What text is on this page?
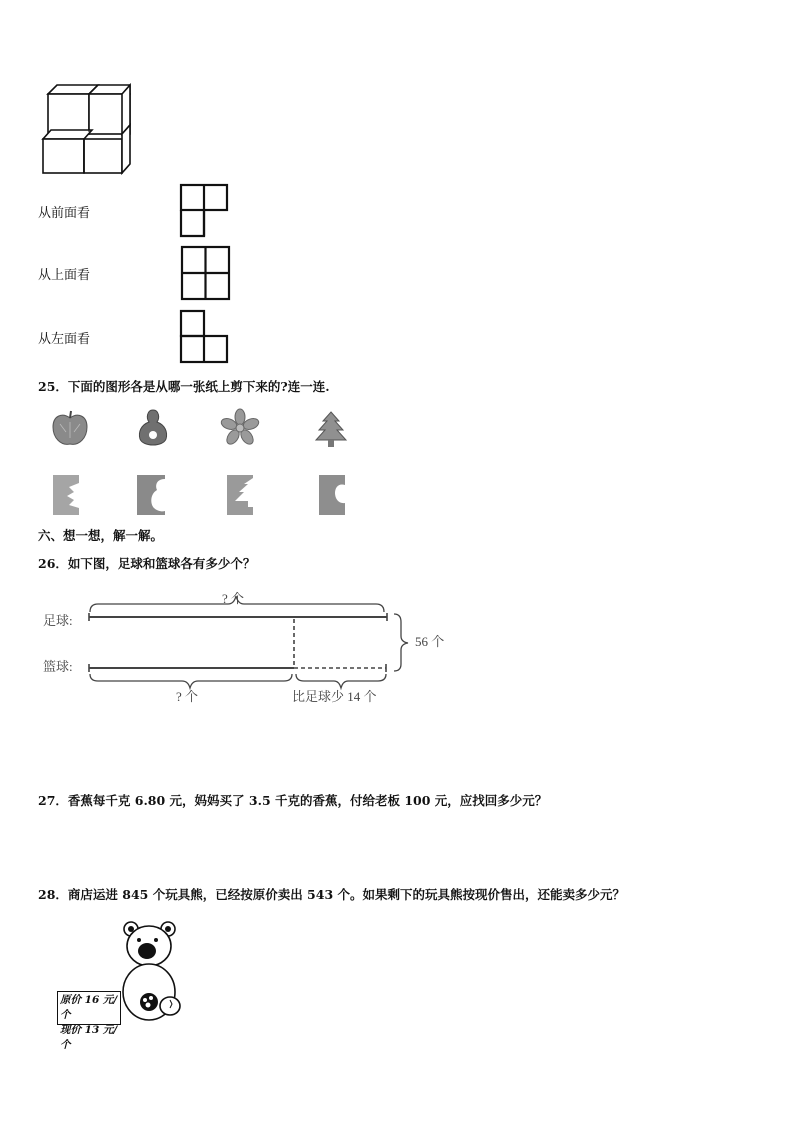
从前面看
从上面看
从左面看
25．下面的图形各是从哪一张纸上剪下来的?连一连.
六、想一想，解一解。
26．如下图，足球和篮球各有多少个？
足球:
篮球:
? 个
56 个
? 个	比足球少 14 个
27．香蕉每千克 6.80 元，妈妈买了 3.5 千克的香蕉，付给老板 100 元，应找回多少元？
28．商店运进 845 个玩具熊，已经按原价卖出 543 个。如果剩下的玩具熊按现价售出，还能卖多少元？
原价 16 元/个
现价 13 元/个
